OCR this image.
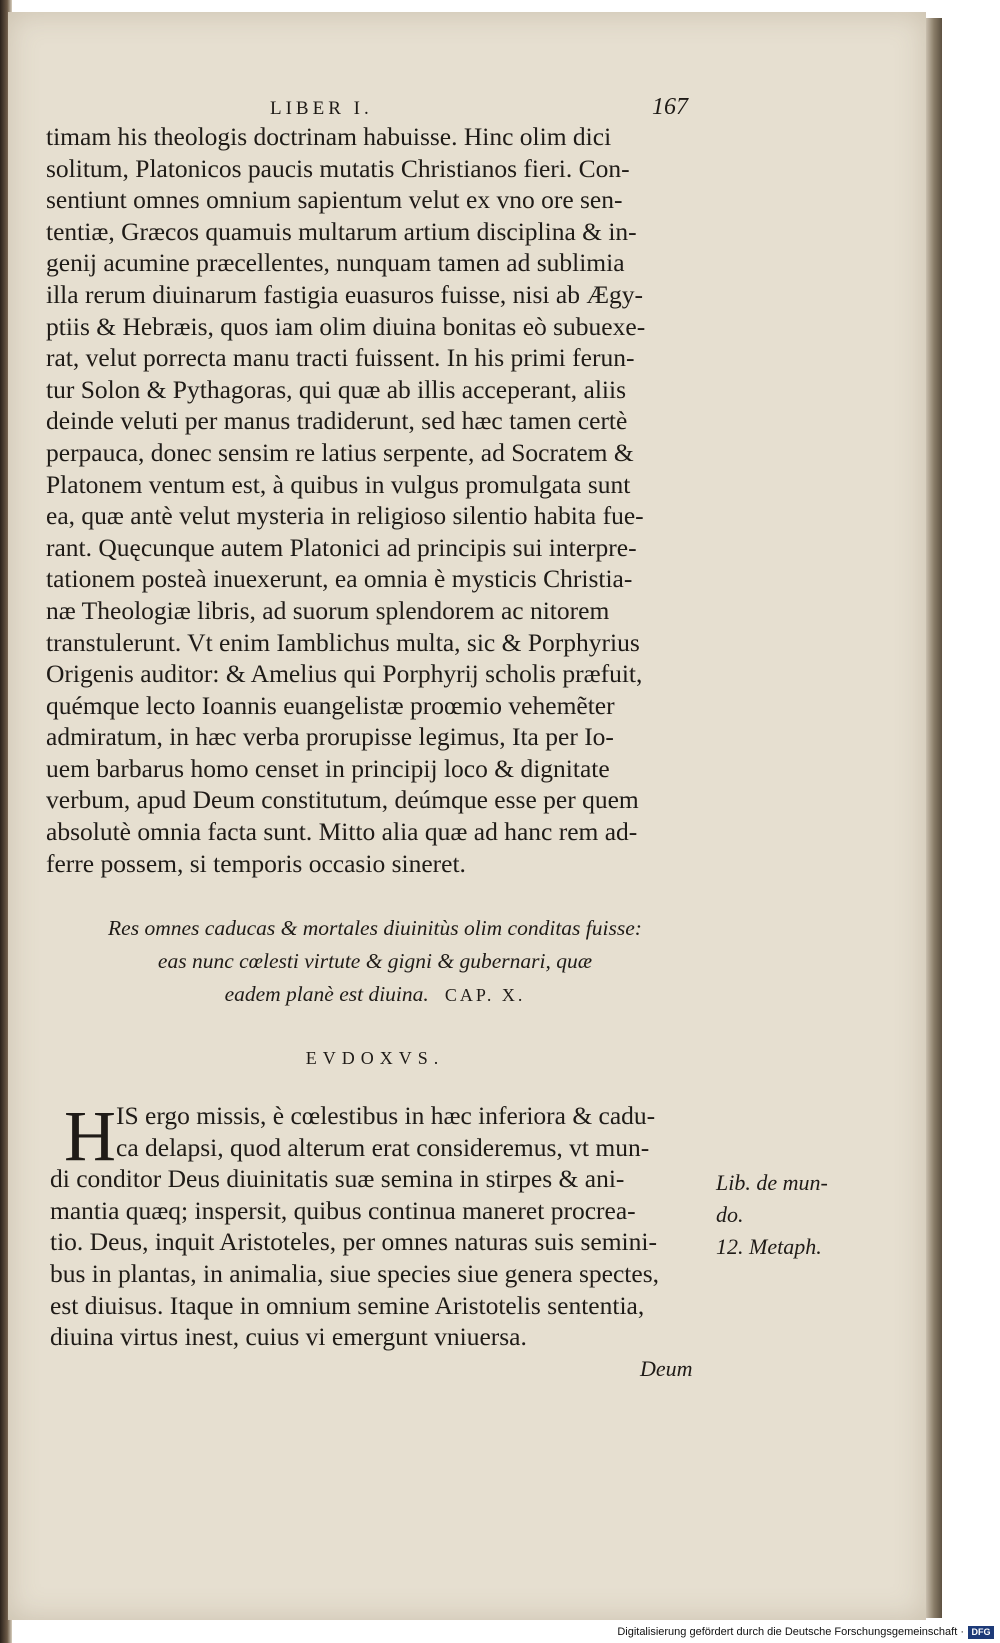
LIBER I.	167
timam his theologis doctrinam habuisse. Hinc olim dici
solitum, Platonicos paucis mutatis Christianos fieri. Con-
sentiunt omnes omnium sapientum velut ex vno ore sen-
tentiæ, Græcos quamuis multarum artium disciplina & in-
genij acumine præcellentes, nunquam tamen ad sublimia
illa rerum diuinarum fastigia euasuros fuisse, nisi ab Ægy-
ptiis & Hebræis, quos iam olim diuina bonitas eò subuexe-
rat, velut porrecta manu tracti fuissent. In his primi ferun-
tur Solon & Pythagoras, qui quæ ab illis acceperant, aliis
deinde veluti per manus tradiderunt, sed hæc tamen certè
perpauca, donec sensim re latius serpente, ad Socratem &
Platonem ventum est, à quibus in vulgus promulgata sunt
ea, quæ antè velut mysteria in religioso silentio habita fue-
rant. Quęcunque autem Platonici ad principis sui interpre-
tationem posteà inuexerunt, ea omnia è mysticis Christia-
næ Theologiæ libris, ad suorum splendorem ac nitorem
transtulerunt. Vt enim Iamblichus multa, sic & Porphyrius
Origenis auditor: & Amelius qui Porphyrij scholis præfuit,
quémque lecto Ioannis euangelistæ proœmio vehemẽter
admiratum, in hæc verba prorupisse legimus, Ita per Io-
uem barbarus homo censet in principij loco & dignitate
verbum, apud Deum constitutum, deúmque esse per quem
absolutè omnia facta sunt. Mitto alia quæ ad hanc rem ad-
ferre possem, si temporis occasio sineret.
Res omnes caducas & mortales diuinitùs olim conditas fuisse:
eas nunc cœlesti virtute & gigni & gubernari, quæ
eadem planè est diuina. CAP. X.
EVDOXVS.
H IS ergo missis, è cœlestibus in hæc inferiora & cadu-
ca delapsi, quod alterum erat consideremus, vt mun-
di conditor Deus diuinitatis suæ semina in stirpes & ani-
mantia quæq; inspersit, quibus continua maneret procrea-
tio. Deus, inquit Aristoteles, per omnes naturas suis semini-
bus in plantas, in animalia, siue species siue genera spectes,
est diuisus. Itaque in omnium semine Aristotelis sententia,
diuina virtus inest, cuius vi emergunt vniuersa.
Lib. de mun-
do.
12. Metaph.
Deum
Digitalisierung gefördert durch die Deutsche Forschungsgemeinschaft · DFG
